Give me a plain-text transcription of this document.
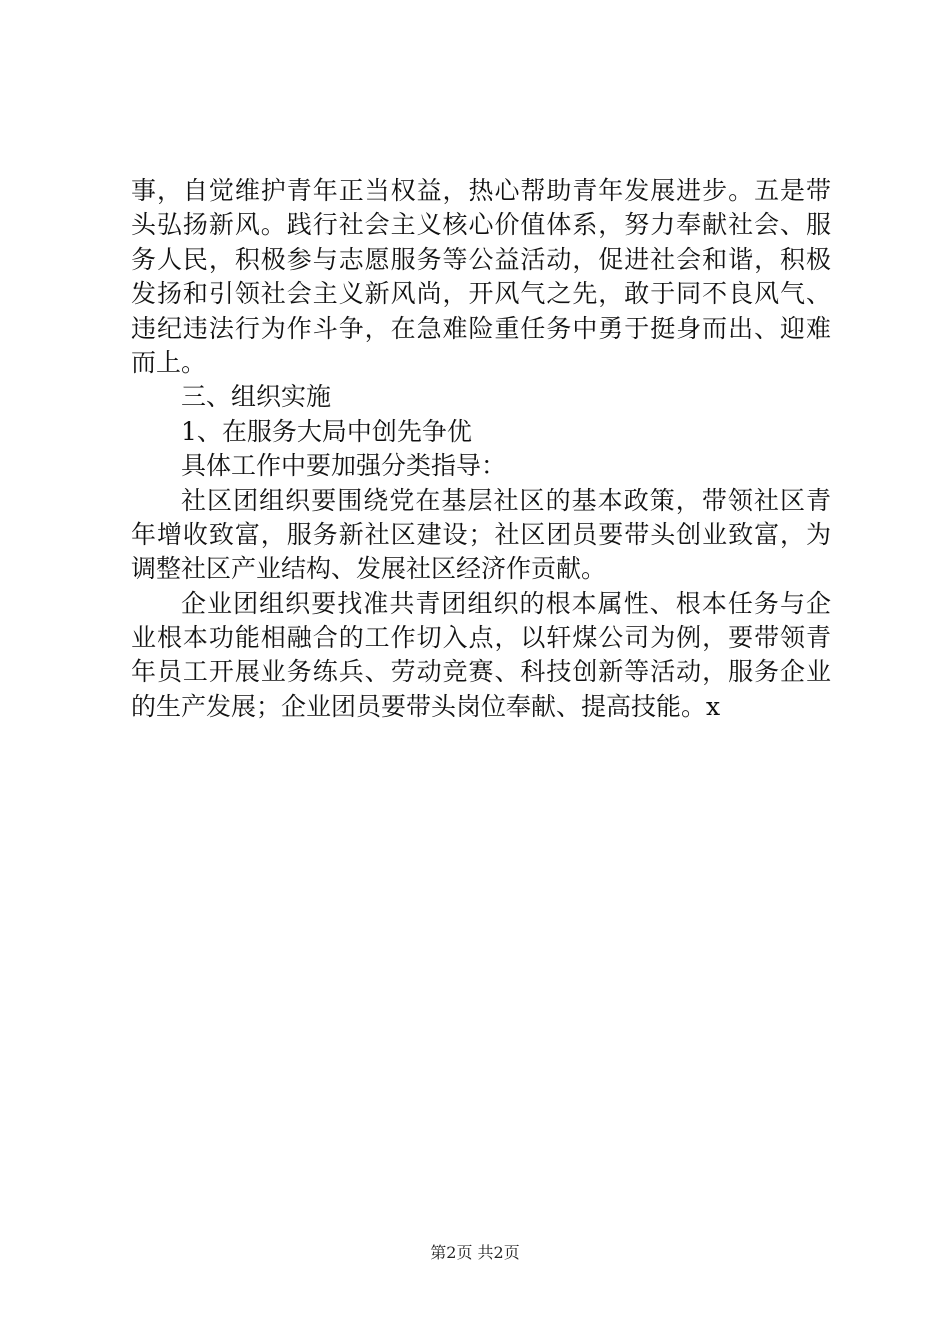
事，自觉维护青年正当权益，热心帮助青年发展进步。五是带
头弘扬新风。践行社会主义核心价值体系，努力奉献社会、服
务人民，积极参与志愿服务等公益活动，促进社会和谐，积极
发扬和引领社会主义新风尚，开风气之先，敢于同不良风气、
违纪违法行为作斗争，在急难险重任务中勇于挺身而出、迎难
而上。
三、组织实施
1、在服务大局中创先争优
具体工作中要加强分类指导：
社区团组织要围绕党在基层社区的基本政策，带领社区青
年增收致富，服务新社区建设；社区团员要带头创业致富，为
调整社区产业结构、发展社区经济作贡献。
企业团组织要找准共青团组织的根本属性、根本任务与企
业根本功能相融合的工作切入点，以轩煤公司为例，要带领青
年员工开展业务练兵、劳动竞赛、科技创新等活动，服务企业
的生产发展；企业团员要带头岗位奉献、提高技能。x
第2页 共2页
